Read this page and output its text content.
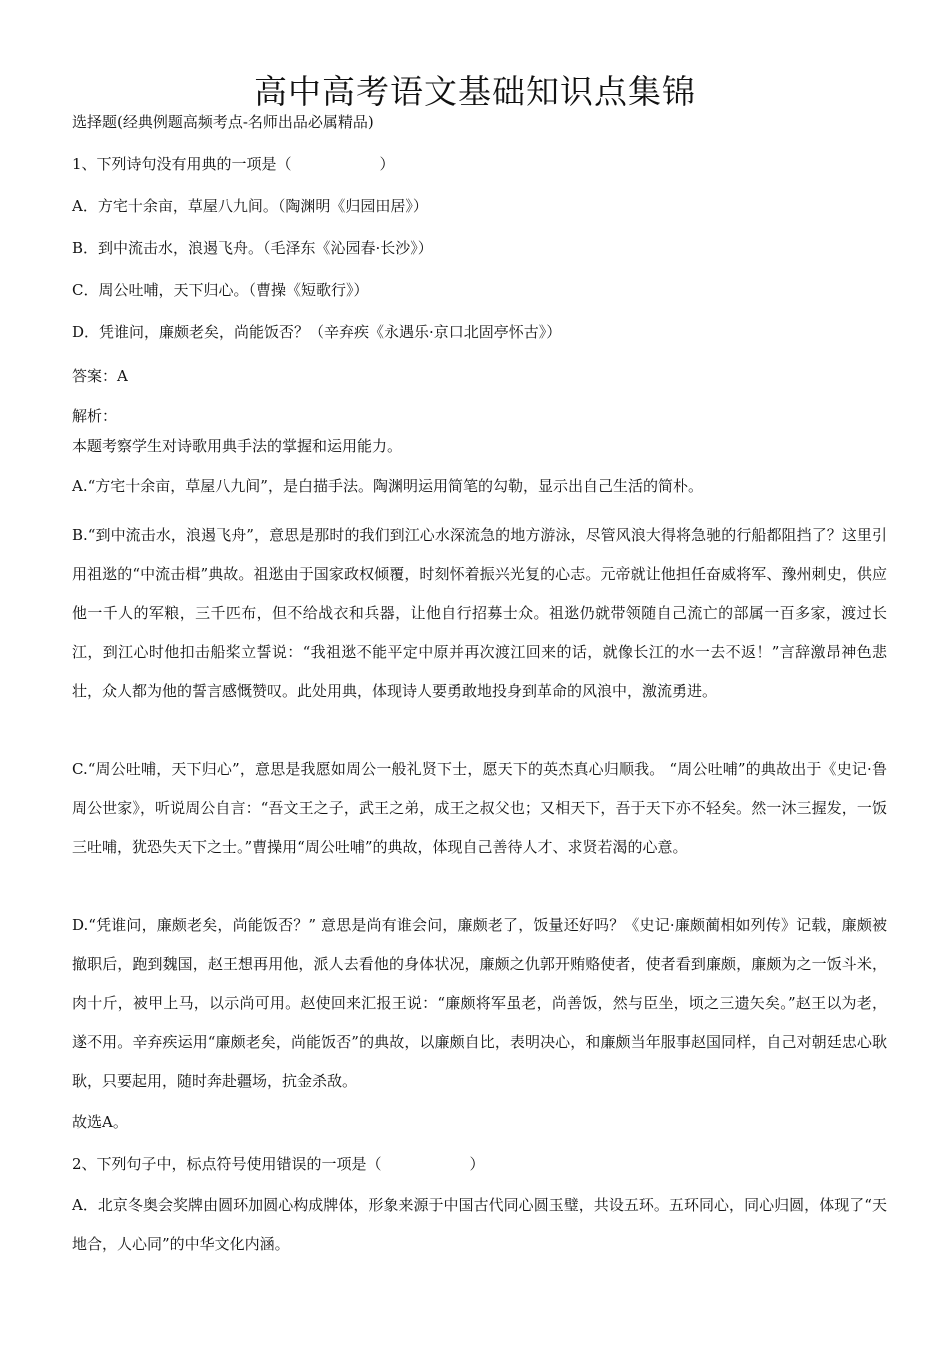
高中高考语文基础知识点集锦
选择题(经典例题高频考点-名师出品必属精品)
1、下列诗句没有用典的一项是（	）
A．方宅十余亩，草屋八九间。（陶渊明《归园田居》）
B．到中流击水，浪遏飞舟。（毛泽东《沁园春·长沙》）
C．周公吐哺，天下归心。（曹操《短歌行》）
D．凭谁问，廉颇老矣，尚能饭否？（辛弃疾《永遇乐·京口北固亭怀古》）
答案：A
解析：
本题考察学生对诗歌用典手法的掌握和运用能力。
A.“方宅十余亩，草屋八九间”，是白描手法。陶渊明运用简笔的勾勒，显示出自己生活的简朴。
B.“到中流击水，浪遏飞舟”，意思是那时的我们到江心水深流急的地方游泳，尽管风浪大得将急驰的行船都阻挡了？这里引用祖逖的“中流击楫”典故。祖逖由于国家政权倾覆，时刻怀着振兴光复的心志。元帝就让他担任奋威将军、豫州刺史，供应他一千人的军粮，三千匹布，但不给战衣和兵器，让他自行招募士众。祖逖仍就带领随自己流亡的部属一百多家，渡过长江，到江心时他扣击船桨立誓说：“我祖逖不能平定中原并再次渡江回来的话，就像长江的水一去不返！”言辞激昂神色悲壮，众人都为他的誓言感慨赞叹。此处用典，体现诗人要勇敢地投身到革命的风浪中，激流勇进。
C.“周公吐哺，天下归心”，意思是我愿如周公一般礼贤下士，愿天下的英杰真心归顺我。 “周公吐哺”的典故出于《史记·鲁周公世家》，听说周公自言：“吾文王之子，武王之弟，成王之叔父也；又相天下，吾于天下亦不轻矣。然一沐三握发，一饭三吐哺，犹恐失天下之士。”曹操用“周公吐哺”的典故，体现自己善待人才、求贤若渴的心意。
D.“凭谁问，廉颇老矣，尚能饭否？” 意思是尚有谁会问，廉颇老了，饭量还好吗？《史记·廉颇蔺相如列传》记载，廉颇被撤职后，跑到魏国，赵王想再用他，派人去看他的身体状况，廉颇之仇郭开贿赂使者，使者看到廉颇，廉颇为之一饭斗米，肉十斤，被甲上马，以示尚可用。赵使回来汇报王说：“廉颇将军虽老，尚善饭，然与臣坐，顷之三遗矢矣。”赵王以为老，遂不用。辛弃疾运用“廉颇老矣，尚能饭否”的典故，以廉颇自比，表明决心，和廉颇当年服事赵国同样，自己对朝廷忠心耿耿，只要起用，随时奔赴疆场，抗金杀敌。
故选A。
2、下列句子中，标点符号使用错误的一项是（	）
A．北京冬奥会奖牌由圆环加圆心构成牌体，形象来源于中国古代同心圆玉璧，共设五环。五环同心，同心归圆，体现了“天地合，人心同”的中华文化内涵。
